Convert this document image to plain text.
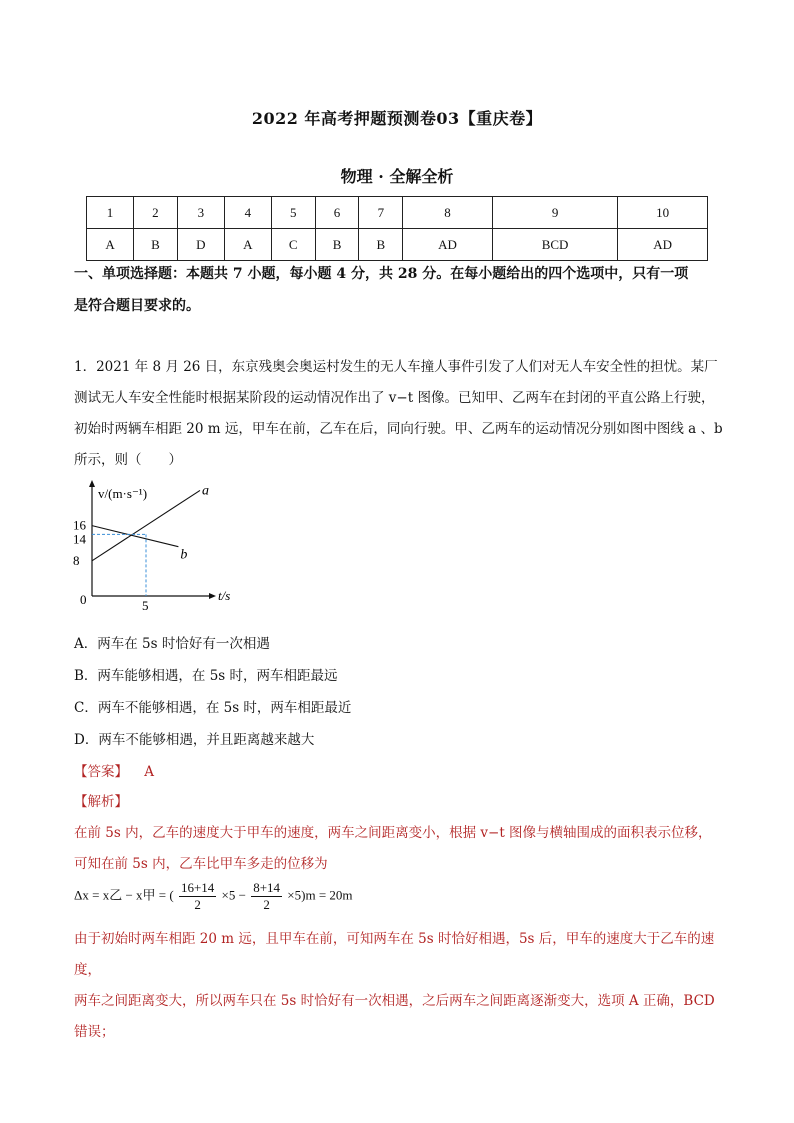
2022 年高考押题预测卷03【重庆卷】
物理 · 全解全析
1	2	3	4	5	6	7	8	9	10
A	B	D	A	C	B	B	AD	BCD	AD
一、单项选择题：本题共 7 小题，每小题 4 分，共 28 分。在每小题给出的四个选项中，只有一项
是符合题目要求的。
1．2021 年 8 月 26 日，东京残奥会奥运村发生的无人车撞人事件引发了人们对无人车安全性的担忧。某厂
测试无人车安全性能时根据某阶段的运动情况作出了 v−t 图像。已知甲、乙两车在封闭的平直公路上行驶，
初始时两辆车相距 20 m 远，甲车在前，乙车在后，同向行驶。甲、乙两车的运动情况分别如图中图线 a 、b
所示，则（　　）
v/(m·s⁻¹)
t/s
0
a
b
16
14
8
5
A．两车在 5s 时恰好有一次相遇
B．两车能够相遇，在 5s 时，两车相距最远
C．两车不能够相遇，在 5s 时，两车相距最近
D．两车不能够相遇，并且距离越来越大
【答案】 A
【解析】
在前 5s 内，乙车的速度大于甲车的速度，两车之间距离变小，根据 v−t 图像与横轴围成的面积表示位移，
可知在前 5s 内，乙车比甲车多走的位移为
Δx = x乙 − x甲 = ( $\frac{16+14}{2} \times 5 - \frac{8+14}{2} \times 5)m = 20m$
由于初始时两车相距 20 m 远，且甲车在前，可知两车在 5s 时恰好相遇，5s 后，甲车的速度大于乙车的速度，
两车之间距离变大，所以两车只在 5s 时恰好有一次相遇，之后两车之间距离逐渐变大，选项 A 正确，BCD
错误；
